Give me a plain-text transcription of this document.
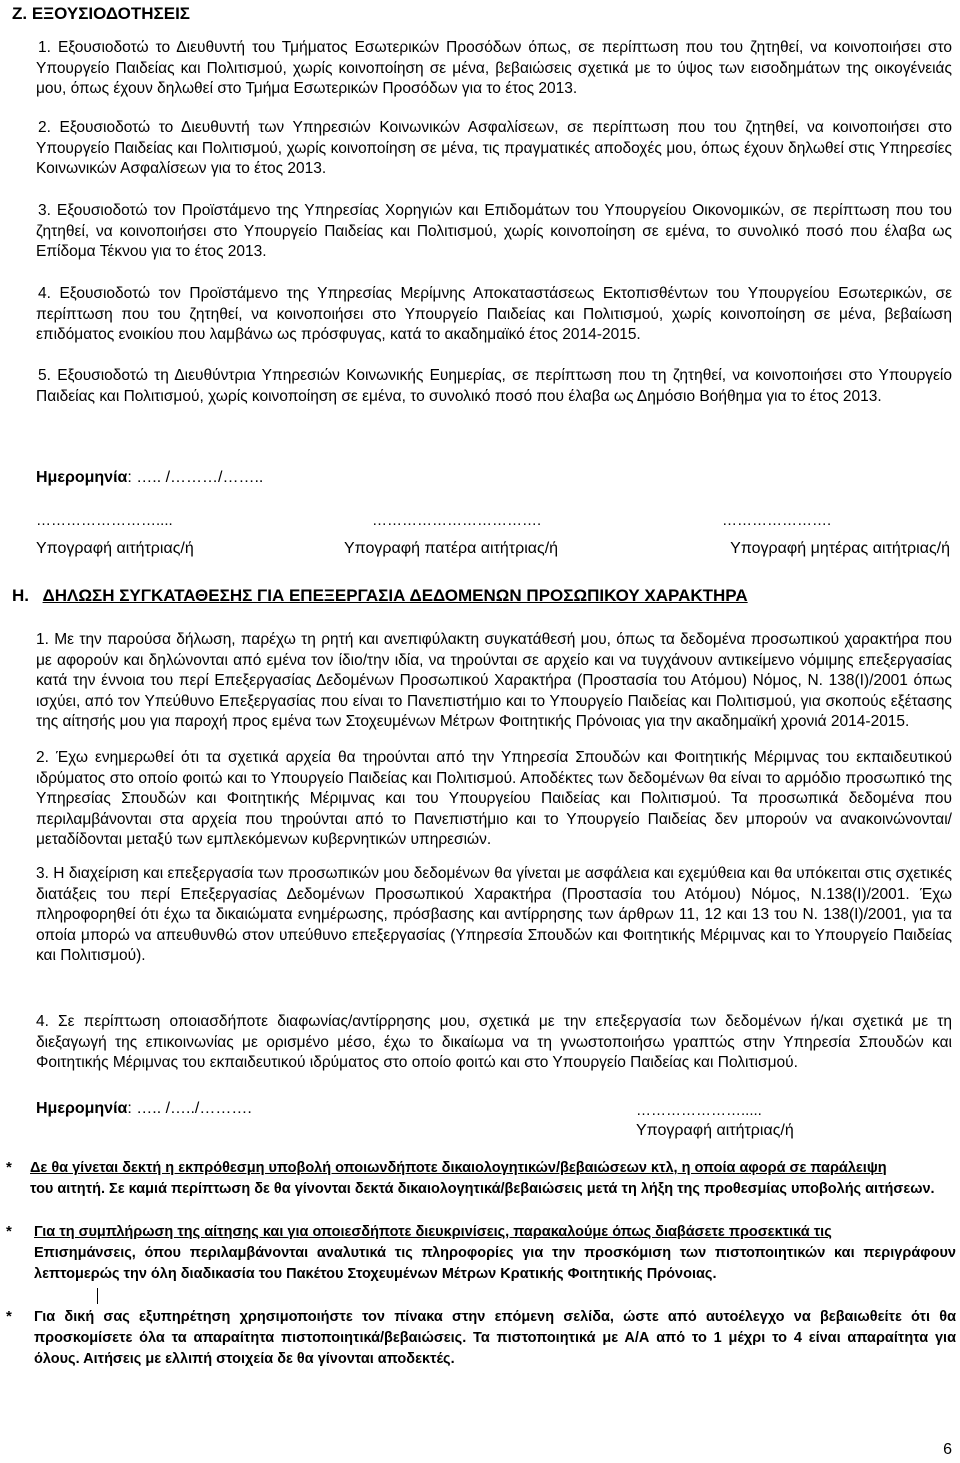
Ζ. ΕΞΟΥΣΙΟΔΟΤΗΣΕΙΣ

1. Εξουσιοδοτώ το Διευθυντή του Τμήματος Εσωτερικών Προσόδων όπως, σε περίπτωση που του ζητηθεί, να κοινοποιήσει στο Υπουργείο Παιδείας και Πολιτισμού, χωρίς κοινοποίηση σε μένα, βεβαιώσεις σχετικά με το ύψος των εισοδημάτων της οικογένειάς μου, όπως έχουν δηλωθεί στο Τμήμα Εσωτερικών Προσόδων για το έτος 2013.

2. Εξουσιοδοτώ το Διευθυντή των Υπηρεσιών Κοινωνικών Ασφαλίσεων, σε περίπτωση που του ζητηθεί, να κοινοποιήσει στο Υπουργείο Παιδείας και Πολιτισμού, χωρίς κοινοποίηση σε μένα, τις πραγματικές αποδοχές μου, όπως έχουν δηλωθεί στις Υπηρεσίες Κοινωνικών Ασφαλίσεων για το έτος 2013.

3. Εξουσιοδοτώ τον Προϊστάμενο της Υπηρεσίας Χορηγιών και Επιδομάτων του Υπουργείου Οικονομικών, σε περίπτωση που του ζητηθεί, να κοινοποιήσει στο Υπουργείο Παιδείας και Πολιτισμού, χωρίς κοινοποίηση σε εμένα, το συνολικό ποσό που έλαβα ως Επίδομα Τέκνου για το έτος 2013.

4. Εξουσιοδοτώ τον Προϊστάμενο της Υπηρεσίας Μερίμνης Αποκαταστάσεως Εκτοπισθέντων του Υπουργείου Εσωτερικών, σε περίπτωση που του ζητηθεί, να κοινοποιήσει στο Υπουργείο Παιδείας και Πολιτισμού, χωρίς κοινοποίηση σε μένα, βεβαίωση επιδόματος ενοικίου που λαμβάνω ως πρόσφυγας, κατά το ακαδημαϊκό έτος 2014-2015.

5. Εξουσιοδοτώ τη Διευθύντρια Υπηρεσιών Κοινωνικής Ευημερίας, σε περίπτωση που τη ζητηθεί, να κοινοποιήσει στο Υπουργείο Παιδείας και Πολιτισμού, χωρίς κοινοποίηση σε εμένα, το συνολικό ποσό που έλαβα ως Δημόσιο Βοήθημα για το έτος 2013.

Ημερομηνία: ….. /………/……..
……………………....	…………………………….	………………….
Υπογραφή αιτήτριας/ή	Υπογραφή πατέρα αιτήτριας/ή	Υπογραφή μητέρας αιτήτριας/ή
Η.   ΔΗΛΩΣΗ ΣΥΓΚΑΤΑΘΕΣΗΣ ΓΙΑ ΕΠΕΞΕΡΓΑΣΙΑ ΔΕΔΟΜΕΝΩΝ ΠΡΟΣΩΠΙΚΟΥ ΧΑΡΑΚΤΗΡΑ

1. Με την παρούσα δήλωση, παρέχω τη ρητή και ανεπιφύλακτη συγκατάθεσή μου, όπως τα δεδομένα προσωπικού χαρακτήρα που με αφορούν και δηλώνονται από εμένα τον ίδιο/την ιδία, να τηρούνται σε αρχείο και να τυγχάνουν αντικείμενο νόμιμης επεξεργασίας κατά την έννοια του περί Επεξεργασίας Δεδομένων Προσωπικού Χαρακτήρα (Προστασία του Ατόμου) Νόμος, Ν. 138(Ι)/2001 όπως ισχύει, από τον Υπεύθυνο Επεξεργασίας που είναι το Πανεπιστήμιο και το Υπουργείο Παιδείας και Πολιτισμού, για σκοπούς εξέτασης της αίτησής μου για παροχή προς εμένα των Στοχευμένων Μέτρων Φοιτητικής Πρόνοιας για την ακαδημαϊκή χρονιά 2014-2015.

2. Έχω ενημερωθεί ότι τα σχετικά αρχεία θα τηρούνται από την Υπηρεσία Σπουδών και Φοιτητικής Μέριμνας του εκπαιδευτικού ιδρύματος στο οποίο φοιτώ και το Υπουργείο Παιδείας και Πολιτισμού. Αποδέκτες των δεδομένων θα είναι το αρμόδιο προσωπικό της Υπηρεσίας Σπουδών και Φοιτητικής Μέριμνας και του Υπουργείου Παιδείας και Πολιτισμού. Τα προσωπικά δεδομένα που περιλαμβάνονται στα αρχεία που τηρούνται από το Πανεπιστήμιο και το Υπουργείο Παιδείας δεν μπορούν να ανακοινώνονται/μεταδίδονται μεταξύ των εμπλεκόμενων κυβερνητικών υπηρεσιών.

3. Η διαχείριση και επεξεργασία των προσωπικών μου δεδομένων θα γίνεται με ασφάλεια και εχεμύθεια και θα υπόκειται στις σχετικές διατάξεις του περί Επεξεργασίας Δεδομένων Προσωπικού Χαρακτήρα (Προστασία του Ατόμου) Νόμος, Ν.138(Ι)/2001. Έχω πληροφορηθεί ότι έχω τα δικαιώματα ενημέρωσης, πρόσβασης και αντίρρησης των άρθρων 11, 12 και 13 του Ν. 138(Ι)/2001, για τα οποία μπορώ να απευθυνθώ στον υπεύθυνο επεξεργασίας (Υπηρεσία Σπουδών και Φοιτητικής Μέριμνας και το Υπουργείο Παιδείας και Πολιτισμού).

4. Σε περίπτωση οποιασδήποτε διαφωνίας/αντίρρησης μου, σχετικά με την επεξεργασία των δεδομένων ή/και σχετικά με τη διεξαγωγή της επικοινωνίας με ορισμένο μέσο, έχω το δικαίωμα να τη γνωστοποιήσω γραπτώς στην Υπηρεσία Σπουδών και Φοιτητικής Μέριμνας του εκπαιδευτικού ιδρύματος στο οποίο φοιτώ και στο Υπουργείο Παιδείας και Πολιτισμού.

Ημερομηνία: ….. /…../……….	………………….....
Υπογραφή αιτήτριας/ή
* Δε θα γίνεται δεκτή η εκπρόθεσμη υποβολή οποιωνδήποτε δικαιολογητικών/βεβαιώσεων κτλ, η οποία αφορά σε παράλειψη
του αιτητή. Σε καμιά περίπτωση δε θα γίνονται δεκτά δικαιολογητικά/βεβαιώσεις μετά τη λήξη της προθεσμίας υποβολής αιτήσεων.
* Για τη συμπλήρωση της αίτησης και για οποιεσδήποτε διευκρινίσεις, παρακαλούμε όπως διαβάσετε προσεκτικά τις
Επισημάνσεις, όπου περιλαμβάνονται αναλυτικά τις πληροφορίες για την προσκόμιση των πιστοποιητικών και περιγράφουν λεπτομερώς την όλη διαδικασία του Πακέτου Στοχευμένων Μέτρων Κρατικής Φοιτητικής Πρόνοιας.
* Για δική σας εξυπηρέτηση χρησιμοποιήστε τον πίνακα στην επόμενη σελίδα, ώστε από αυτοέλεγχο να βεβαιωθείτε ότι θα προσκομίσετε όλα τα απαραίτητα πιστοποιητικά/βεβαιώσεις. Τα πιστοποιητικά με Α/Α από το 1 μέχρι το 4 είναι απαραίτητα για όλους. Αιτήσεις με ελλιπή στοιχεία δε θα γίνονται αποδεκτές.

6
